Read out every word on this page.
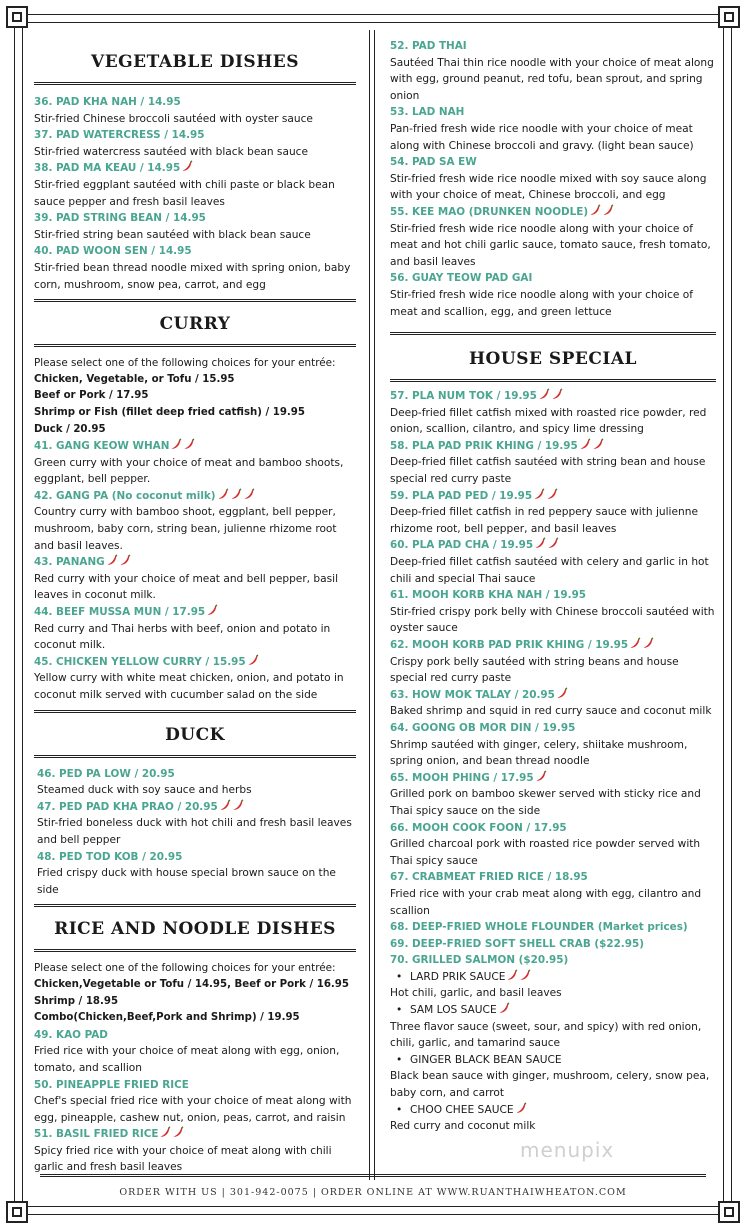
VEGETABLE DISHES
36. PAD KHA NAH / 14.95
Stir-fried Chinese broccoli sautéed with oyster sauce
37. PAD WATERCRESS / 14.95
Stir-fried watercress sautéed with black bean sauce
38. PAD MA KEAU / 14.95
Stir-fried eggplant sautéed with chili paste or black bean sauce pepper and fresh basil leaves
39. PAD STRING BEAN / 14.95
Stir-fried string bean sautéed with black bean sauce
40. PAD WOON SEN / 14.95
Stir-fried bean thread noodle mixed with spring onion, baby corn, mushroom, snow pea, carrot, and egg
CURRY
Please select one of the following choices for your entrée:
Chicken, Vegetable, or Tofu / 15.95
Beef or Pork / 17.95
Shrimp or Fish (fillet deep fried catfish) / 19.95
Duck / 20.95
41. GANG KEOW WHAN
Green curry with your choice of meat and bamboo shoots, eggplant, bell pepper.
42. GANG PA (No coconut milk)
Country curry with bamboo shoot, eggplant, bell pepper, mushroom, baby corn, string bean, julienne rhizome root and basil leaves.
43. PANANG
Red curry with your choice of meat and bell pepper, basil leaves in coconut milk.
44. BEEF MUSSA MUN / 17.95
Red curry and Thai herbs with beef, onion and potato in coconut milk.
45. CHICKEN YELLOW CURRY / 15.95
Yellow curry with white meat chicken, onion, and potato in coconut milk served with cucumber salad on the side
DUCK
46. PED PA LOW / 20.95
Steamed duck with soy sauce and herbs
47. PED PAD KHA PRAO / 20.95
Stir-fried boneless duck with hot chili and fresh basil leaves and bell pepper
48. PED TOD KOB / 20.95
Fried crispy duck with house special brown sauce on the side
RICE AND NOODLE DISHES
Please select one of the following choices for your entrée:
Chicken,Vegetable or Tofu / 14.95, Beef or Pork / 16.95
Shrimp / 18.95
Combo(Chicken,Beef,Pork and Shrimp) / 19.95
49. KAO PAD
Fried rice with your choice of meat along with egg, onion, tomato, and scallion
50. PINEAPPLE FRIED RICE
Chef's special fried rice with your choice of meat along with egg, pineapple, cashew nut, onion, peas, carrot, and raisin
51. BASIL FRIED RICE
Spicy fried rice with your choice of meat along with chili garlic and fresh basil leaves
52. PAD THAI
Sautéed Thai thin rice noodle with your choice of meat along with egg, ground peanut, red tofu, bean sprout, and spring onion
53. LAD NAH
Pan-fried fresh wide rice noodle with your choice of meat along with Chinese broccoli and gravy. (light bean sauce)
54. PAD SA EW
Stir-fried fresh wide rice noodle mixed with soy sauce along with your choice of meat, Chinese broccoli, and egg
55. KEE MAO (DRUNKEN NOODLE)
Stir-fried fresh wide rice noodle along with your choice of meat and hot chili garlic sauce, tomato sauce, fresh tomato, and basil leaves
56. GUAY TEOW PAD GAI
Stir-fried fresh wide rice noodle along with your choice of meat and scallion, egg, and green lettuce
HOUSE SPECIAL
57. PLA NUM TOK / 19.95
Deep-fried fillet catfish mixed with roasted rice powder, red onion, scallion, cilantro, and spicy lime dressing
58. PLA PAD PRIK KHING / 19.95
Deep-fried fillet catfish sautéed with string bean and house special red curry paste
59. PLA PAD PED / 19.95
Deep-fried fillet catfish in red peppery sauce with julienne rhizome root, bell pepper, and basil leaves
60. PLA PAD CHA / 19.95
Deep-fried fillet catfish sautéed with celery and garlic in hot chili and special Thai sauce
61. MOOH KORB KHA NAH / 19.95
Stir-fried crispy pork belly with Chinese broccoli sautéed with oyster sauce
62. MOOH KORB PAD PRIK KHING / 19.95
Crispy pork belly sautéed with string beans and house special red curry paste
63. HOW MOK TALAY / 20.95
Baked shrimp and squid in red curry sauce and coconut milk
64. GOONG OB MOR DIN / 19.95
Shrimp sautéed with ginger, celery, shiitake mushroom, spring onion, and bean thread noodle
65. MOOH PHING / 17.95
Grilled pork on bamboo skewer served with sticky rice and Thai spicy sauce on the side
66. MOOH COOK FOON / 17.95
Grilled charcoal pork with roasted rice powder served with Thai spicy sauce
67. CRABMEAT FRIED RICE / 18.95
Fried rice with your crab meat along with egg, cilantro and scallion
68. DEEP-FRIED WHOLE FLOUNDER (Market prices)
69. DEEP-FRIED SOFT SHELL CRAB ($22.95)
70. GRILLED SALMON ($20.95)
• LARD PRIK SAUCE
Hot chili, garlic, and basil leaves
• SAM LOS SAUCE
Three flavor sauce (sweet, sour, and spicy) with red onion, chili, garlic, and tamarind sauce
• GINGER BLACK BEAN SAUCE
Black bean sauce with ginger, mushroom, celery, snow pea, baby corn, and carrot
• CHOO CHEE SAUCE
Red curry and coconut milk
ORDER WITH US | 301-942-0075 | ORDER ONLINE AT WWW.RUANTHAIWHEATON.COM
menupix
